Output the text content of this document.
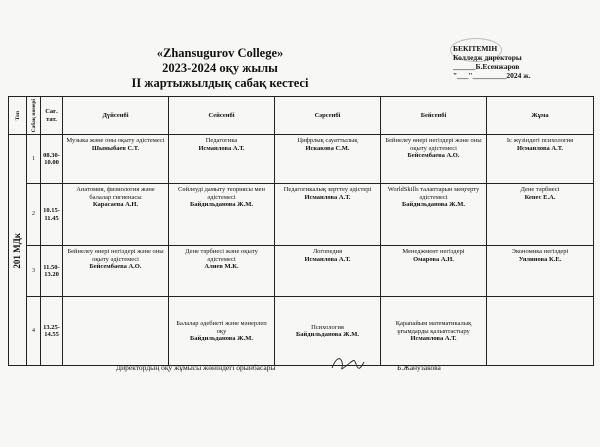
«Zhansugurov College»
2023-2024 оқу жылы
ІІ жартыжылдық сабақ кестесі
БЕКІТЕМІН
Колледж директоры
______Б.Есенжаров
"___"_________2024 ж.
Топ	Сабақ номері	Сағ. тат.	Дүйсенбі	Сейсенбі	Сәрсенбі	Бейсенбі	Жұма

201 МДк	1	08.30-10.00	Музыка және оны оқыту әдістемесі
Шыныбаев С.Т.	Педагогика
Исманлова А.Т.	Цифрлық сауаттылық
Искакова С.М.	Бейнелеу өнері негіздері және оны оқыту әдістемесі
Бейсембаева А.О.	Іс жүзіндегі психология
Исманлова А.Т.

	2	10.15-11.45	Анатомия, физиология және балалар гигиенасы
Карасаева А.Н.	Сөйлеуді дамыту теориясы мен әдістемесі
Байдильданова Ж.М.	Педагогикалық зерттеу әдістері
Исманлова А.Т.	WorldSkills талаптарын меңгерту әдістемесі
Байдильданова Ж.М.	Дене тәрбиесі
Кенес Е.А.

	3	11.50-13.20	Бейнелеу өнері негіздері және оны оқыту әдістемесі
Бейсембаева А.О.	Дене тәрбиесі және оқыту әдістемесі
Алиев М.К.	Логопедия
Исманлова А.Т.	Менеджмент негіздері
Омарова А.Н.	Экономика негіздері
Уялинова К.Е.

	4	13.25-14.55		Балалар әдебиеті және мәнерлеп оқу
Байдильданова Ж.М.	Психология
Байдильданова Ж.М.	Қарапайым математикалық ұғымдарды қалыптастыру
Исманлова А.Т.	

Директордың оқу жұмысы жөніндегі орынбасары	Б.Жанузакова
